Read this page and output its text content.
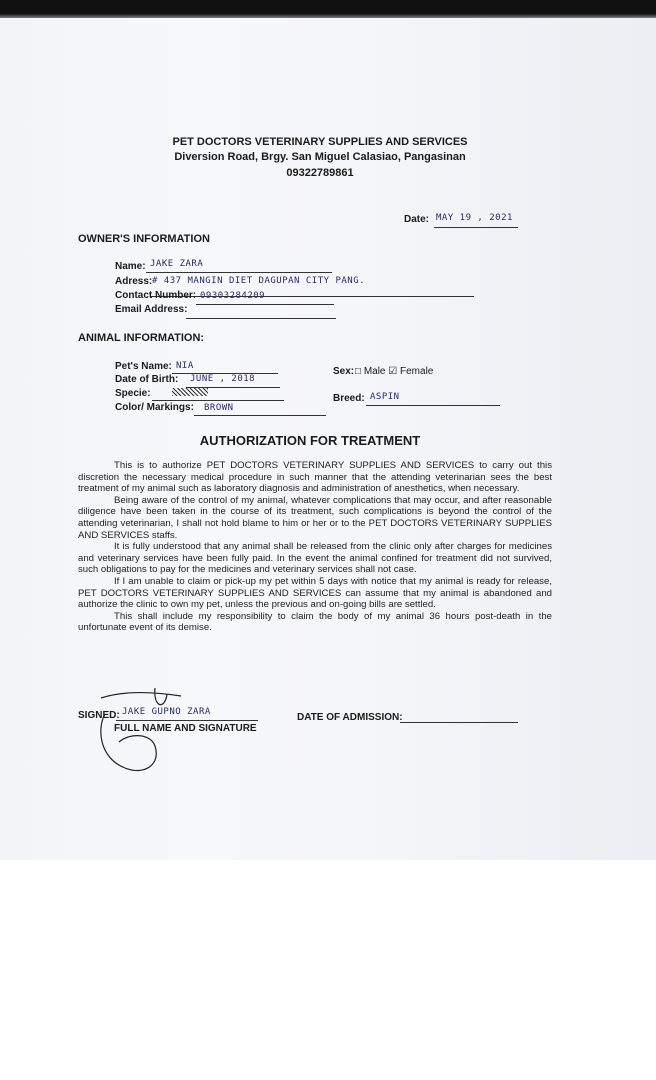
PET DOCTORS VETERINARY SUPPLIES AND SERVICES
Diversion Road, Brgy. San Miguel Calasiao, Pangasinan
09322789861
Date: MAY 19 , 2021
OWNER'S INFORMATION
Name: JAKE ZARA
Adress: # 437 MANGIN DIET DAGUPAN CITY PANG.
Contact Number: 09303284209
Email Address:
ANIMAL INFORMATION:
Pet's Name: NIA	Sex: □ Male ☑ Female
Date of Birth: JUNE , 2018
Specie:	Breed: ASPIN
Color/ Markings: BROWN
AUTHORIZATION FOR TREATMENT

This is to authorize PET DOCTORS VETERINARY SUPPLIES AND SERVICES to carry out this discretion the necessary medical procedure in such manner that the attending veterinarian sees the best treatment of my animal such as laboratory diagnosis and administration of anesthetics, when necessary.

Being aware of the control of my animal, whatever complications that may occur, and after reasonable diligence have been taken in the course of its treatment, such complications is beyond the control of the attending veterinarian, I shall not hold blame to him or her or to the PET DOCTORS VETERINARY SUPPLIES AND SERVICES staffs.

It is fully understood that any animal shall be released from the clinic only after charges for medicines and veterinary services have been fully paid. In the event the animal confined for treatment did not survived, such obligations to pay for the medicines and veterinary services shall not case.

If I am unable to claim or pick-up my pet within 5 days with notice that my animal is ready for release, PET DOCTORS VETERINARY SUPPLIES AND SERVICES can assume that my animal is abandoned and authorize the clinic to own my pet, unless the previous and on-going bills are settled.

This shall include my responsibility to claim the body of my animal 36 hours post-death in the unfortunate event of its demise.

SIGNED: JAKE GUPNO ZARA
FULL NAME AND SIGNATURE
DATE OF ADMISSION:
